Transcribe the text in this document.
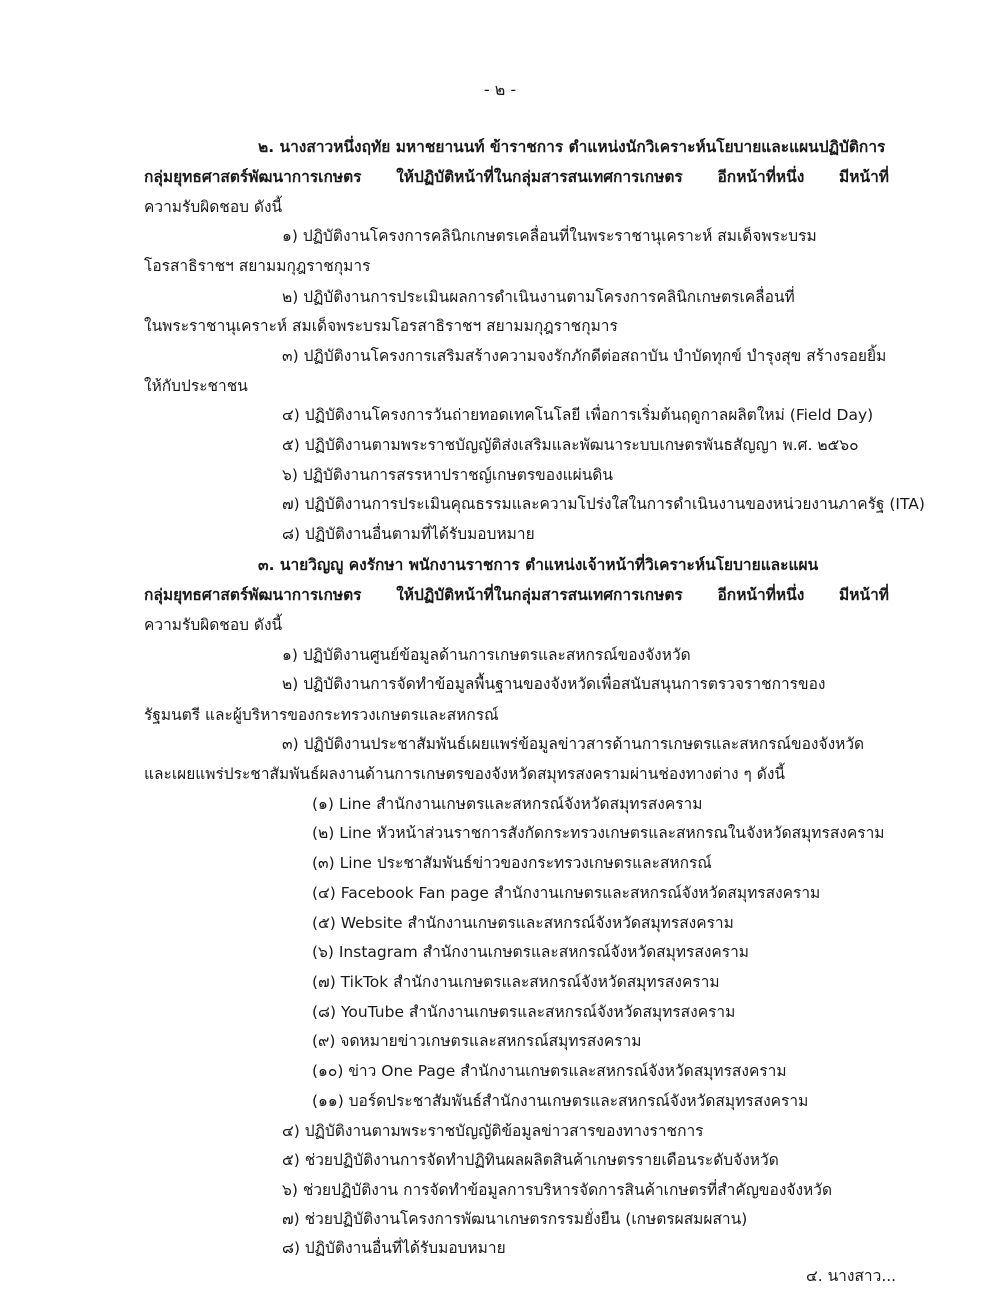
- ๒ -
๒. นางสาวหนึ่งฤทัย มหาชยานนท์ ข้าราชการ ตำแหน่งนักวิเคราะห์นโยบายและแผนปฏิบัติการ
กลุ่มยุทธศาสตร์พัฒนาการเกษตร ให้ปฏิบัติหน้าที่ในกลุ่มสารสนเทศการเกษตร อีกหน้าที่หนึ่ง มีหน้าที่
ความรับผิดชอบ ดังนี้
๑) ปฏิบัติงานโครงการคลินิกเกษตรเคลื่อนที่ในพระราชานุเคราะห์ สมเด็จพระบรม
โอรสาธิราชฯ สยามมกุฎราชกุมาร
๒) ปฏิบัติงานการประเมินผลการดำเนินงานตามโครงการคลินิกเกษตรเคลื่อนที่
ในพระราชานุเคราะห์ สมเด็จพระบรมโอรสาธิราชฯ สยามมกุฎราชกุมาร
๓) ปฏิบัติงานโครงการเสริมสร้างความจงรักภักดีต่อสถาบัน บำบัดทุกข์ บำรุงสุข สร้างรอยยิ้ม
ให้กับประชาชน
๔) ปฏิบัติงานโครงการวันถ่ายทอดเทคโนโลยี เพื่อการเริ่มต้นฤดูกาลผลิตใหม่ (Field Day)
๕) ปฏิบัติงานตามพระราชบัญญัติส่งเสริมและพัฒนาระบบเกษตรพันธสัญญา พ.ศ. ๒๕๖๐
๖) ปฏิบัติงานการสรรหาปราชญ์เกษตรของแผ่นดิน
๗) ปฏิบัติงานการประเมินคุณธรรมและความโปร่งใสในการดำเนินงานของหน่วยงานภาครัฐ (ITA)
๘) ปฏิบัติงานอื่นตามที่ได้รับมอบหมาย
๓. นายวิญญู คงรักษา พนักงานราชการ ตำแหน่งเจ้าหน้าที่วิเคราะห์นโยบายและแผน
กลุ่มยุทธศาสตร์พัฒนาการเกษตร ให้ปฏิบัติหน้าที่ในกลุ่มสารสนเทศการเกษตร อีกหน้าที่หนึ่ง มีหน้าที่
ความรับผิดชอบ ดังนี้
๑) ปฏิบัติงานศูนย์ข้อมูลด้านการเกษตรและสหกรณ์ของจังหวัด
๒) ปฏิบัติงานการจัดทำข้อมูลพื้นฐานของจังหวัดเพื่อสนับสนุนการตรวจราชการของ
รัฐมนตรี และผู้บริหารของกระทรวงเกษตรและสหกรณ์
๓) ปฏิบัติงานประชาสัมพันธ์เผยแพร่ข้อมูลข่าวสารด้านการเกษตรและสหกรณ์ของจังหวัด
และเผยแพร่ประชาสัมพันธ์ผลงานด้านการเกษตรของจังหวัดสมุทรสงครามผ่านช่องทางต่าง ๆ ดังนี้
(๑) Line สำนักงานเกษตรและสหกรณ์จังหวัดสมุทรสงคราม
(๒) Line หัวหน้าส่วนราชการสังกัดกระทรวงเกษตรและสหกรณในจังหวัดสมุทรสงคราม
(๓) Line ประชาสัมพันธ์ข่าวของกระทรวงเกษตรและสหกรณ์
(๔) Facebook Fan page สำนักงานเกษตรและสหกรณ์จังหวัดสมุทรสงคราม
(๕) Website สำนักงานเกษตรและสหกรณ์จังหวัดสมุทรสงคราม
(๖) Instagram สำนักงานเกษตรและสหกรณ์จังหวัดสมุทรสงคราม
(๗) TikTok สำนักงานเกษตรและสหกรณ์จังหวัดสมุทรสงคราม
(๘) YouTube สำนักงานเกษตรและสหกรณ์จังหวัดสมุทรสงคราม
(๙) จดหมายข่าวเกษตรและสหกรณ์สมุทรสงคราม
(๑๐) ข่าว One Page สำนักงานเกษตรและสหกรณ์จังหวัดสมุทรสงคราม
(๑๑) บอร์ดประชาสัมพันธ์สำนักงานเกษตรและสหกรณ์จังหวัดสมุทรสงคราม
๔) ปฏิบัติงานตามพระราชบัญญัติข้อมูลข่าวสารของทางราชการ
๕) ช่วยปฏิบัติงานการจัดทำปฏิทินผลผลิตสินค้าเกษตรรายเดือนระดับจังหวัด
๖) ช่วยปฏิบัติงาน การจัดทำข้อมูลการบริหารจัดการสินค้าเกษตรที่สำคัญของจังหวัด
๗) ช่วยปฏิบัติงานโครงการพัฒนาเกษตรกรรมยั่งยืน (เกษตรผสมผสาน)
๘) ปฏิบัติงานอื่นที่ได้รับมอบหมาย
๔. นางสาว...
